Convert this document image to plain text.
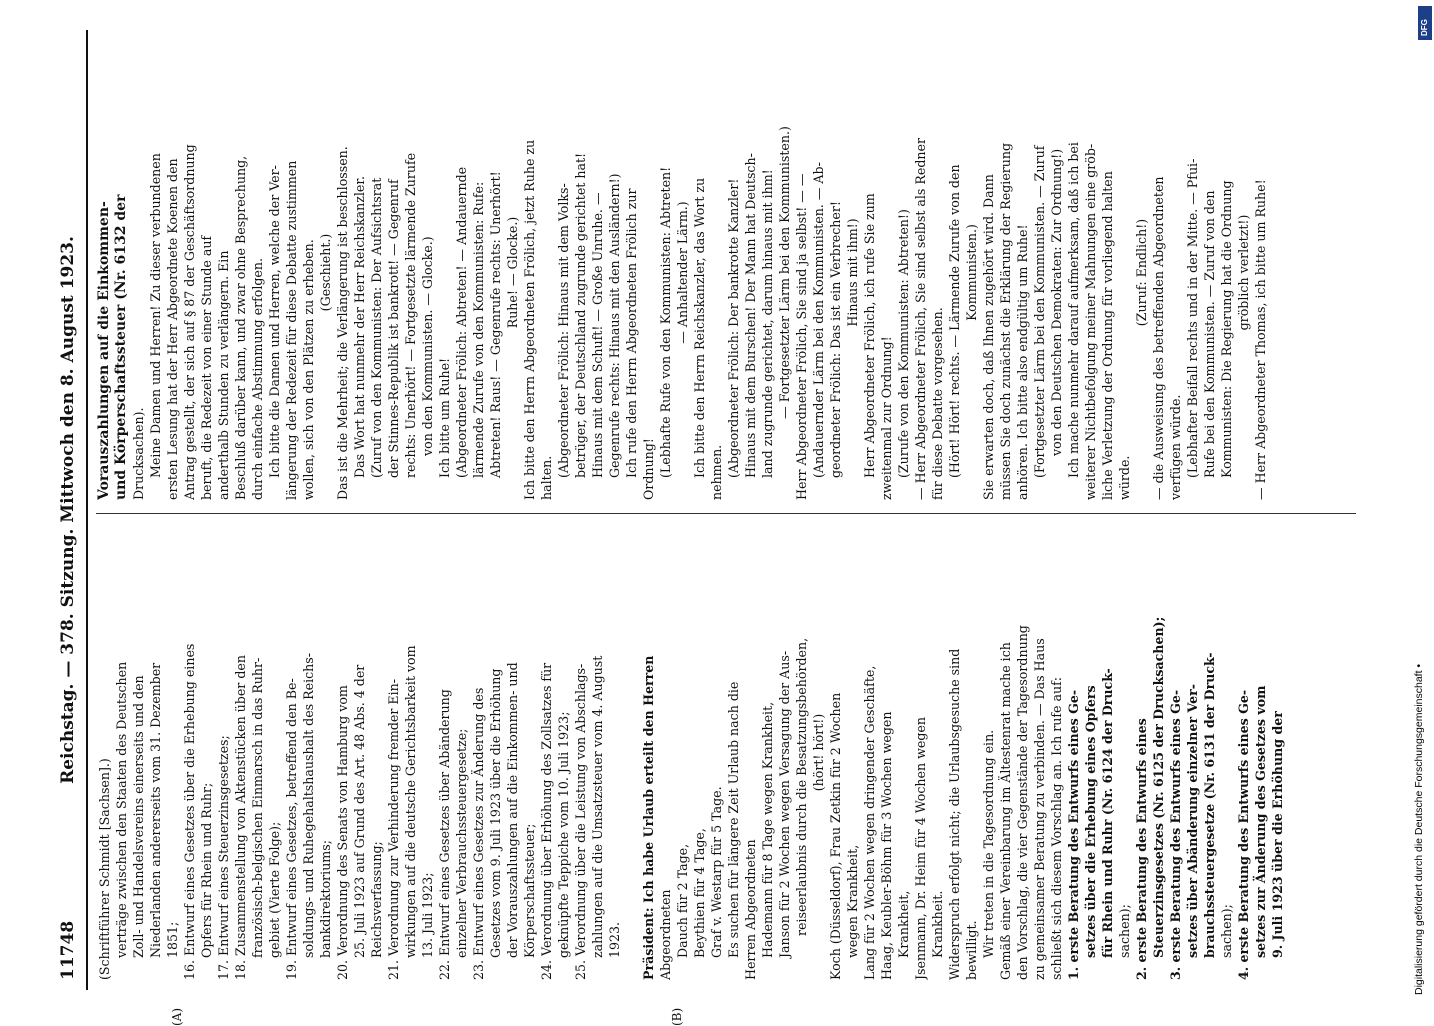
11748
Reichstag. — 378. Sitzung. Mittwoch den 8. August 1923.
(A)	(B)
(Schriftführer Schmidt [Sachsen].) verträge zwischen den Staaten des Deutschen Zoll- und Handelsvereins einerseits und den Niederlanden andererseits vom 31. Dezember 1851; 16. Entwurf eines Gesetzes über die Erhebung eines Opfers für Rhein und Ruhr; 17. Entwurf eines Steuerzinsgesetzes; 18. Zusammenstellung von Aktenstücken über den französisch-belgischen Einmarsch in das Ruhr- gebiet (Vierte Folge); 19. Entwurf eines Gesetzes, betreffend den Be- soldungs- und Ruhegehaltshaushalt des Reichs- bankdirektoriums; 20. Verordnung des Senats von Hamburg vom 25. Juli 1923 auf Grund des Art. 48 Abs. 4 der Reichsverfassung; 21. Verordnung zur Verhinderung fremder Ein- wirkungen auf die deutsche Gerichtsbarkeit vom 13. Juli 1923; 22. Entwurf eines Gesetzes über Abänderung einzelner Verbrauchssteuergesetze; 23. Entwurf eines Gesetzes zur Änderung des Gesetzes vom 9. Juli 1923 über die Erhöhung der Vorauszahlungen auf die Einkommen- und Körperschaftssteuer; 24. Verordnung über Erhöhung des Zollsatzes für geknüpfte Teppiche vom 10. Juli 1923; 25. Verordnung über die Leistung von Abschlags- zahlungen auf die Umsatzsteuer vom 4. August 1923.
Präsident: Ich habe Urlaub erteilt den Herren Abgeordneten Dauch für 2 Tage, Beythien für 4 Tage, Graf v. Westarp für 5 Tage. Es suchen für längere Zeit Urlaub nach die Herren Abgeordneten Hademann für 8 Tage wegen Krankheit, Janson für 2 Wochen wegen Versagung der Aus- reiseerlaubnis durch die Besatzungsbehörden, (hört! hört!) Koch (Düsseldorf), Frau Zetkin für 2 Wochen wegen Krankheit, Lang für 2 Wochen wegen dringender Geschäfte, Haag, Keubler-Böhm für 3 Wochen wegen Krankheit, Jsenmann, Dr. Heim für 4 Wochen wegen Krankheit. Widerspruch erfolgt nicht; die Urlaubsgesuche sind bewilligt. Wir treten in die Tagesordnung ein. Gemäß einer Vereinbarung im Ältestenrat mache ich den Vorschlag, die vier Gegenstände der Tagesordnung zu gemeinsamer Beratung zu verbinden. — Das Haus schließt sich diesem Vorschlag an. Ich rufe auf: 1. erste Beratung des Entwurfs eines Ge- setzes über die Erhebung eines Opfers für Rhein und Ruhr (Nr. 6124 der Druck- sachen); 2. erste Beratung des Entwurfs eines Steuerzinsgesetzes (Nr. 6125 der Drucksachen); 3. erste Beratung des Entwurfs eines Ge- setzes über Abänderung einzelner Ver- brauchssteuergesetze (Nr. 6131 der Druck- sachen); 4. erste Beratung des Entwurfs eines Ge- setzes zur Änderung des Gesetzes vom 9. Juli 1923 über die Erhöhung der
Vorauszahlungen auf die Einkommen- und Körperschaftssteuer (Nr. 6132 der Drucksachen). Meine Damen und Herren! Zu dieser verbundenen ersten Lesung hat der Herr Abgeordnete Koenen den Antrag gestellt, der sich auf § 87 der Geschäftsordnung beruft, die Redezeit von einer Stunde auf anderthalb Stunden zu verlängern. Ein Beschluß darüber kann, und zwar ohne Besprechung, durch einfache Abstimmung erfolgen. Ich bitte die Damen und Herren, welche der Ver- längerung der Redezeit für diese Debatte zustimmen wollen, sich von den Plätzen zu erheben. (Geschieht.) Das ist die Mehrheit; die Verlängerung ist beschlossen. Das Wort hat nunmehr der Herr Reichskanzler. (Zuruf von den Kommunisten: Der Aufsichtsrat der Stinnes-Republik ist bankrott! — Gegenruf rechts: Unerhört! — Fortgesetzte lärmende Zurufe von den Kommunisten. — Glocke.) Ich bitte um Ruhe! (Abgeordneter Frölich: Abtreten! — Andauernde lärmende Zurufe von den Kommunisten: Rufe: Abtreten! Raus! — Gegenrufe rechts: Unerhört! Ruhe! — Glocke.) Ich bitte den Herrn Abgeordneten Frölich, jetzt Ruhe zu halten. (Abgeordneter Frölich: Hinaus mit dem Volks- betrüger, der Deutschland zugrunde gerichtet hat! Hinaus mit dem Schuft! — Große Unruhe. — Gegenrufe rechts: Hinaus mit den Ausländern!) Ich rufe den Herrn Abgeordneten Frölich zur Ordnung! (Lebhafte Rufe von den Kommunisten: Abtreten! — Anhaltender Lärm.) Ich bitte den Herrn Reichskanzler, das Wort zu nehmen. (Abgeordneter Frölich: Der bankrotte Kanzler! Hinaus mit dem Burschen! Der Mann hat Deutsch- land zugrunde gerichtet, darum hinaus mit ihm! — Fortgesetzter Lärm bei den Kommunisten.) Herr Abgeordneter Frölich, Sie sind ja selbst! — — (Andauernder Lärm bei den Kommunisten. — Ab- geordneter Frölich: Das ist ein Verbrecher! Hinaus mit ihm!) Herr Abgeordneter Frölich, ich rufe Sie zum zweitenmal zur Ordnung! (Zurufe von den Kommunisten: Abtreten!) — Herr Abgeordneter Frölich, Sie sind selbst als Redner für diese Debatte vorgesehen. (Hört! Hört! rechts. — Lärmende Zurufe von den Kommunisten.) Sie erwarten doch, daß Ihnen zugehört wird. Dann müssen Sie doch zunächst die Erklärung der Regierung anhören. Ich bitte also endgültig um Ruhe! (Fortgesetzter Lärm bei den Kommunisten. — Zuruf von den Deutschen Demokraten: Zur Ordnung!) Ich mache nunmehr darauf aufmerksam, daß ich bei weiterer Nichtbefolgung meiner Mahnungen eine gröb- liche Verletzung der Ordnung für vorliegend halten würde.
(Zuruf: Endlich!) — die Ausweisung des betreffenden Abgeordneten verfügen würde. (Lebhafter Beifall rechts und in der Mitte. — Pfui- Rufe bei den Kommunisten. — Zuruf von den Kommunisten: Die Regierung hat die Ordnung gröblich verletzt!) — Herr Abgeordneter Thomas, ich bitte um Ruhe!
Digitalisierung gefördert durch die Deutsche Forschungsgemeinschaft •
DFG
